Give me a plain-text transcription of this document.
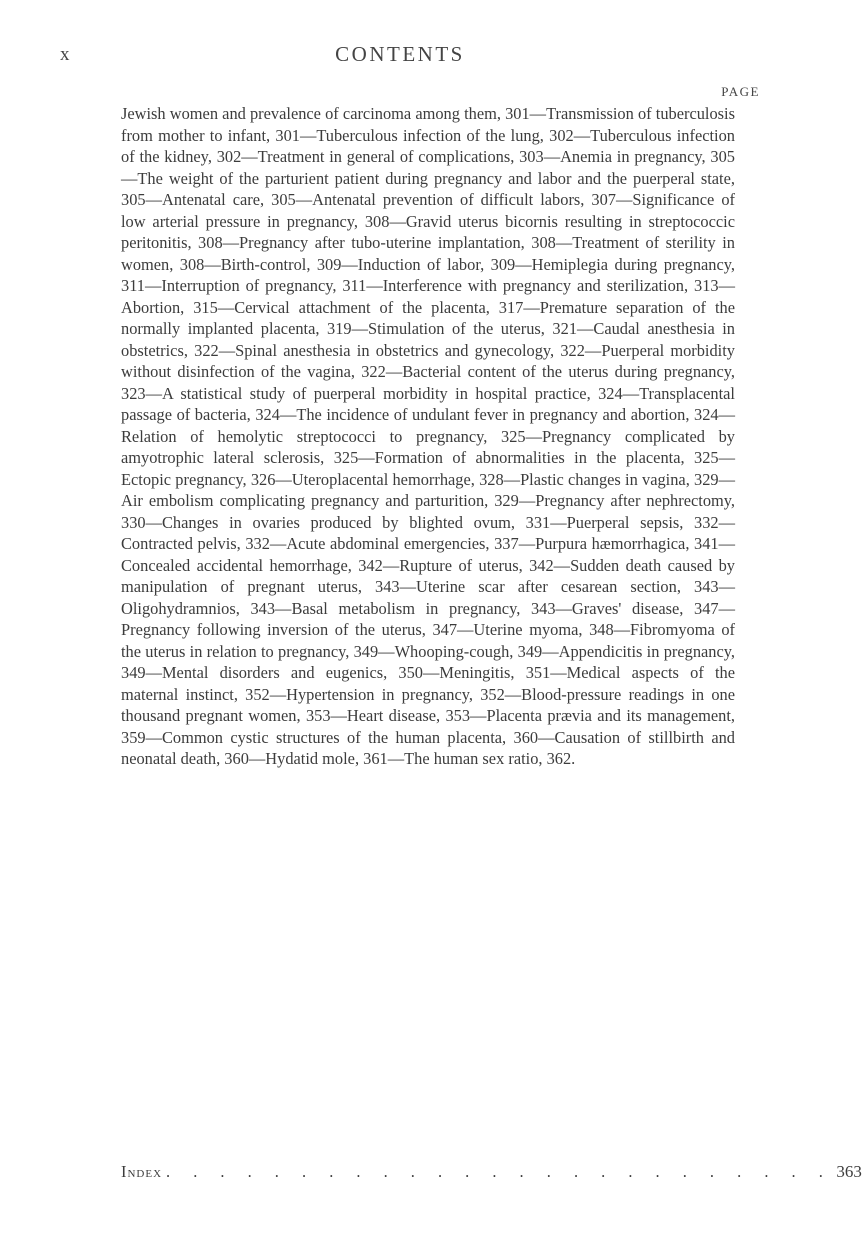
x	CONTENTS
PAGE

Jewish women and prevalence of carcinoma among them, 301—Transmission of tuberculosis from mother to infant, 301—Tuberculous infection of the lung, 302—Tuberculous infection of the kidney, 302—Treatment in general of complications, 303—Anemia in pregnancy, 305—The weight of the parturient patient during pregnancy and labor and the puerperal state, 305—Antenatal care, 305—Antenatal prevention of difficult labors, 307—Significance of low arterial pressure in pregnancy, 308—Gravid uterus bicornis resulting in streptococcic peritonitis, 308—Pregnancy after tubo-uterine implantation, 308—Treatment of sterility in women, 308—Birth-control, 309—Induction of labor, 309—Hemiplegia during pregnancy, 311—Interruption of pregnancy, 311—Interference with pregnancy and sterilization, 313—Abortion, 315—Cervical attachment of the placenta, 317—Premature separation of the normally implanted placenta, 319—Stimulation of the uterus, 321—Caudal anesthesia in obstetrics, 322—Spinal anesthesia in obstetrics and gynecology, 322—Puerperal morbidity without disinfection of the vagina, 322—Bacterial content of the uterus during pregnancy, 323—A statistical study of puerperal morbidity in hospital practice, 324—Transplacental passage of bacteria, 324—The incidence of undulant fever in pregnancy and abortion, 324—Relation of hemolytic streptococci to pregnancy, 325—Pregnancy complicated by amyotrophic lateral sclerosis, 325—Formation of abnormalities in the placenta, 325—Ectopic pregnancy, 326—Uteroplacental hemorrhage, 328—Plastic changes in vagina, 329—Air embolism complicating pregnancy and parturition, 329—Pregnancy after nephrectomy, 330—Changes in ovaries produced by blighted ovum, 331—Puerperal sepsis, 332—Contracted pelvis, 332—Acute abdominal emergencies, 337—Purpura hæmorrhagica, 341—Concealed accidental hemorrhage, 342—Rupture of uterus, 342—Sudden death caused by manipulation of pregnant uterus, 343—Uterine scar after cesarean section, 343—Oligohydramnios, 343—Basal metabolism in pregnancy, 343—Graves' disease, 347—Pregnancy following inversion of the uterus, 347—Uterine myoma, 348—Fibromyoma of the uterus in relation to pregnancy, 349—Whooping-cough, 349—Appendicitis in pregnancy, 349—Mental disorders and eugenics, 350—Meningitis, 351—Medical aspects of the maternal instinct, 352—Hypertension in pregnancy, 352—Blood-pressure readings in one thousand pregnant women, 353—Heart disease, 353—Placenta prævia and its management, 359—Common cystic structures of the human placenta, 360—Causation of stillbirth and neonatal death, 360—Hydatid mole, 361—The human sex ratio, 362.

Index . . . . . . . . . . . . . . . . . . . . . . . . . 363
